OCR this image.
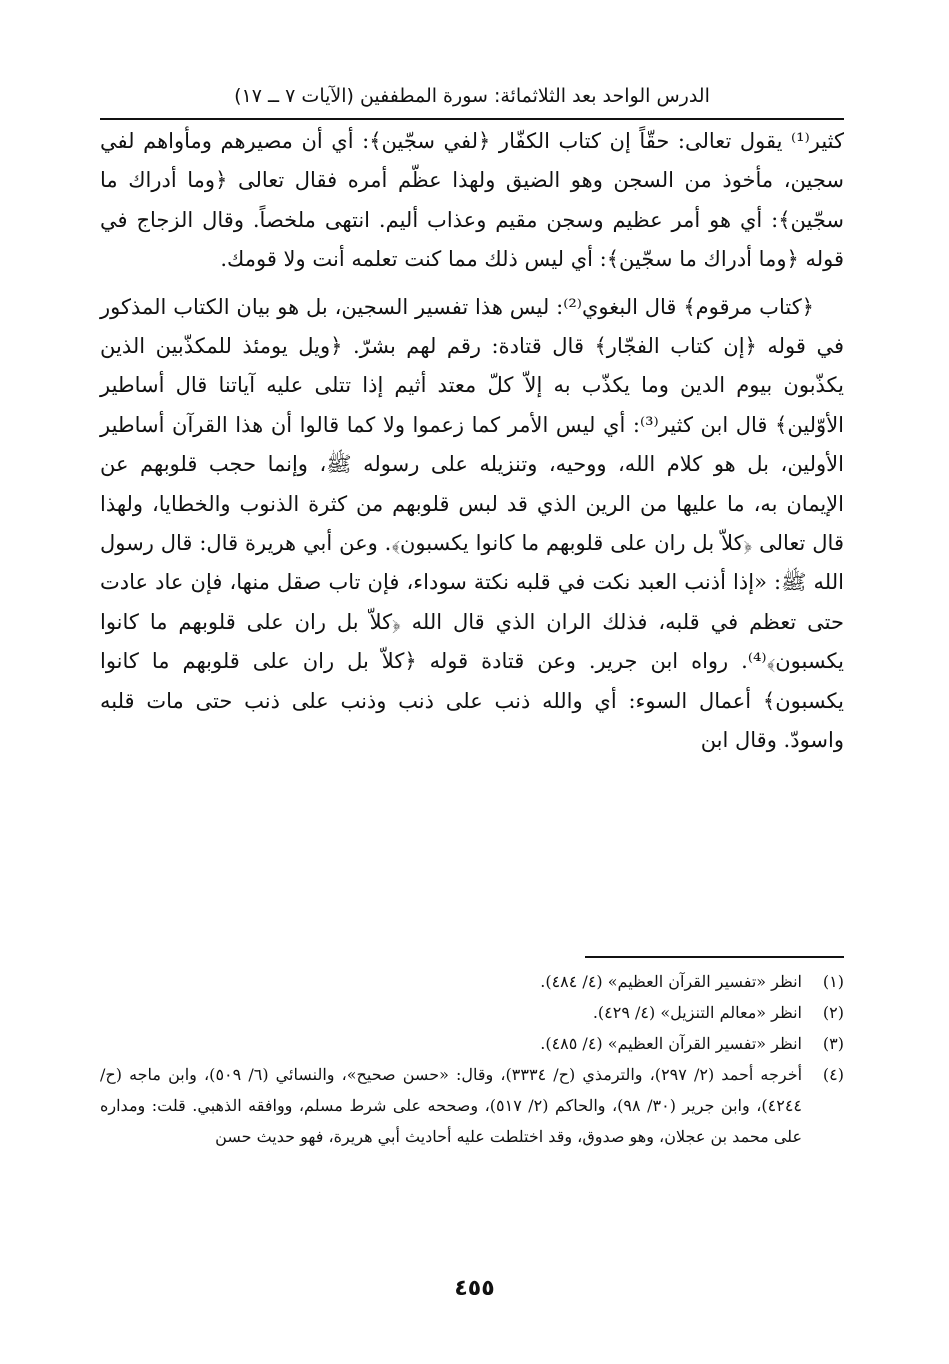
الدرس الواحد بعد الثلاثمائة: سورة المطففين (الآيات ٧ ــ ١٧)

كثير⁽¹⁾ يقول تعالى: حقّاً إن كتاب الكفّار ﴿لفي سجّين﴾: أي أن مصيرهم ومأواهم لفي سجين، مأخوذ من السجن وهو الضيق ولهذا عظّم أمره فقال تعالى ﴿وما أدراك ما سجّين﴾: أي هو أمر عظيم وسجن مقيم وعذاب أليم. انتهى ملخصاً. وقال الزجاج في قوله ﴿وما أدراك ما سجّين﴾: أي ليس ذلك مما كنت تعلمه أنت ولا قومك.

﴿كتاب مرقوم﴾ قال البغوي⁽²⁾: ليس هذا تفسير السجين، بل هو بيان الكتاب المذكور في قوله ﴿إن كتاب الفجّار﴾ قال قتادة: رقم لهم بشرّ. ﴿ويل يومئذ للمكذّبين الذين يكذّبون بيوم الدين وما يكذّب به إلاّ كلّ معتد أثيم إذا تتلى عليه آياتنا قال أساطير الأوّلين﴾ قال ابن كثير⁽³⁾: أي ليس الأمر كما زعموا ولا كما قالوا أن هذا القرآن أساطير الأولين، بل هو كلام الله، ووحيه، وتنزيله على رسوله ﷺ، وإنما حجب قلوبهم عن الإيمان به، ما عليها من الرين الذي قد لبس قلوبهم من كثرة الذنوب والخطايا، ولهذا قال تعالى ﴿كلاّ بل ران على قلوبهم ما كانوا يكسبون﴾. وعن أبي هريرة قال: قال رسول الله ﷺ: «إذا أذنب العبد نكت في قلبه نكتة سوداء، فإن تاب صقل منها، فإن عاد عادت حتى تعظم في قلبه، فذلك الران الذي قال الله ﴿كلاّ بل ران على قلوبهم ما كانوا يكسبون﴾⁽⁴⁾. رواه ابن جرير. وعن قتادة قوله ﴿كلاّ بل ران على قلوبهم ما كانوا يكسبون﴾ أعمال السوء: أي والله ذنب على ذنب وذنب على ذنب حتى مات قلبه واسودّ. وقال ابن

(١)
انظر «تفسير القرآن العظيم» (٤/ ٤٨٤).
(٢)
انظر «معالم التنزيل» (٤/ ٤٢٩).
(٣)
انظر «تفسير القرآن العظيم» (٤/ ٤٨٥).
(٤)
أخرجه أحمد (٢/ ٢٩٧)، والترمذي (ح/ ٣٣٣٤)، وقال: «حسن صحيح»، والنسائي (٦/ ٥٠٩)، وابن ماجه (ح/ ٤٢٤٤)، وابن جرير (٣٠/ ٩٨)، والحاكم (٢/ ٥١٧)، وصححه على شرط مسلم، ووافقه الذهبي. قلت: ومداره على محمد بن عجلان، وهو صدوق، وقد اختلطت عليه أحاديث أبي هريرة، فهو حديث حسن
٤٥٥
